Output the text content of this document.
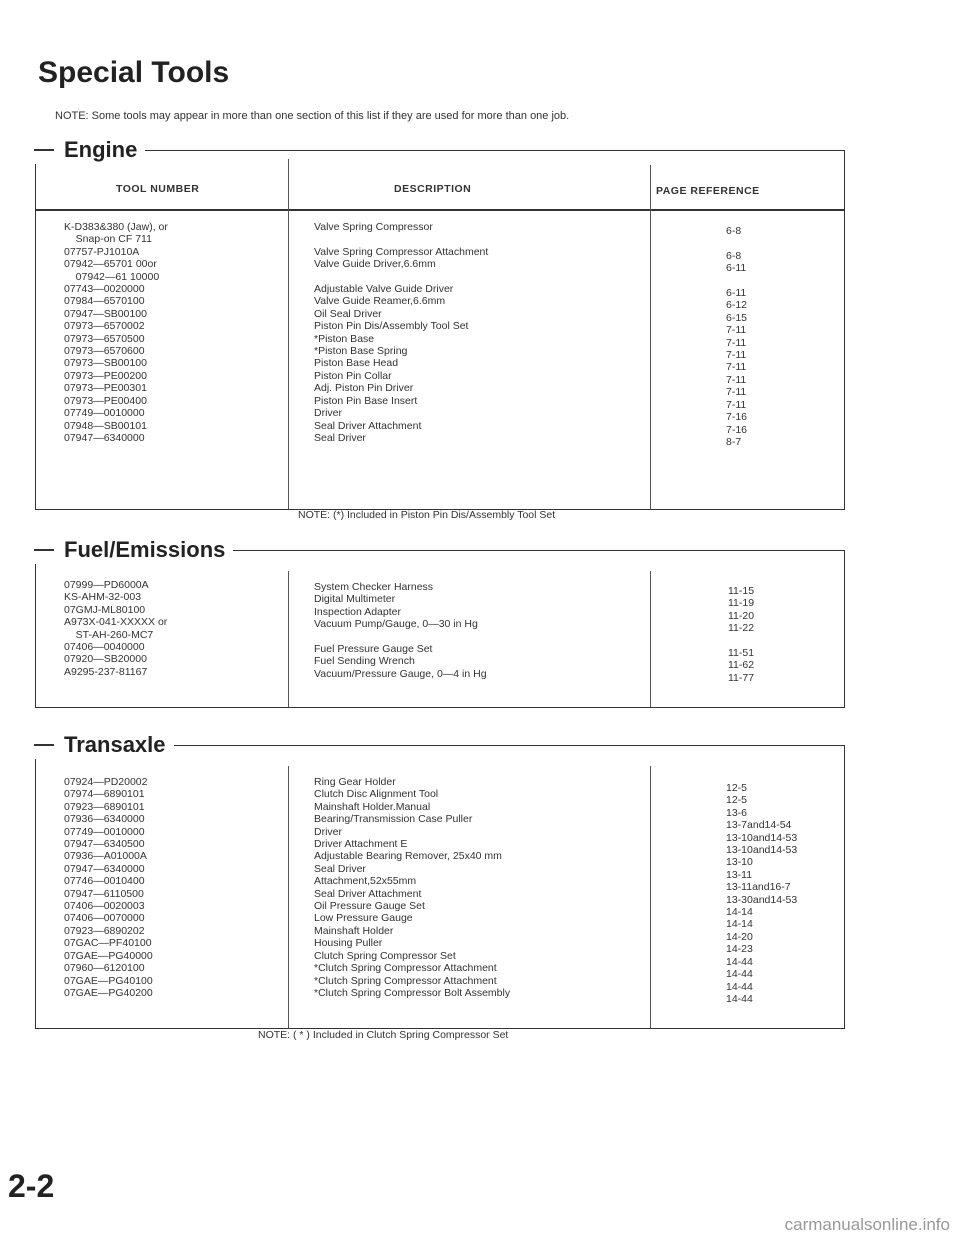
Special Tools
NOTE: Some tools may appear in more than one section of this list if they are used for more than one job.
Engine
TOOL NUMBER	DESCRIPTION	PAGE REFERENCE
K-D383&380 (Jaw), or
Snap-on CF 711
07757-PJ1010A
07942—65701 00or
07942—61 10000
07743—0020000
07984—6570100
07947—SB00100
07973—6570002
07973—6570500
07973—6570600
07973—SB00100
07973—PE00200
07973—PE00301
07973—PE00400
07749—0010000
07948—SB00101
07947—6340000
Valve Spring Compressor

Valve Spring Compressor Attachment
Valve Guide Driver,6.6mm

Adjustable Valve Guide Driver
Valve Guide Reamer,6.6mm
Oil Seal Driver
Piston Pin Dis/Assembly Tool Set
*Piston Base
*Piston Base Spring
Piston Base Head
Piston Pin Collar
Adj. Piston Pin Driver
Piston Pin Base Insert
Driver
Seal Driver Attachment
Seal Driver
6-8

6-8
6-11

6-11
6-12
6-15
7-11
7-11
7-11
7-11
7-11
7-11
7-11
7-16
7-16
8-7
NOTE: (*) Included in Piston Pin Dis/Assembly Tool Set
Fuel/Emissions
07999—PD6000A
KS-AHM-32-003
07GMJ-ML80100
A973X-041-XXXXX or
ST-AH-260-MC7
07406—0040000
07920—SB20000
A9295-237-81167
System Checker Harness
Digital Multimeter
Inspection Adapter
Vacuum Pump/Gauge, 0—30 in Hg

Fuel Pressure Gauge Set
Fuel Sending Wrench
Vacuum/Pressure Gauge, 0—4 in Hg
11-15
11-19
11-20
11-22

11-51
11-62
11-77
Transaxle
07924—PD20002
07974—6890101
07923—6890101
07936—6340000
07749—0010000
07947—6340500
07936—A01000A
07947—6340000
07746—0010400
07947—6110500
07406—0020003
07406—0070000
07923—6890202
07GAC—PF40100
07GAE—PG40000
07960—6120100
07GAE—PG40100
07GAE—PG40200
Ring Gear Holder
Clutch Disc Alignment Tool
Mainshaft Holder.Manual
Bearing/Transmission Case Puller
Driver
Driver Attachment E
Adjustable Bearing Remover, 25x40 mm
Seal Driver
Attachment,52x55mm
Seal Driver Attachment
Oil Pressure Gauge Set
Low Pressure Gauge
Mainshaft Holder
Housing Puller
Clutch Spring Compressor Set
*Clutch Spring Compressor Attachment
*Clutch Spring Compressor Attachment
*Clutch Spring Compressor Bolt Assembly
12-5
12-5
13-6
13-7and14-54
13-10and14-53
13-10and14-53
13-10
13-11
13-11and16-7
13-30and14-53
14-14
14-14
14-20
14-23
14-44
14-44
14-44
14-44
NOTE: ( * ) Included in Clutch Spring Compressor Set
2-2
carmanualsonline.info
